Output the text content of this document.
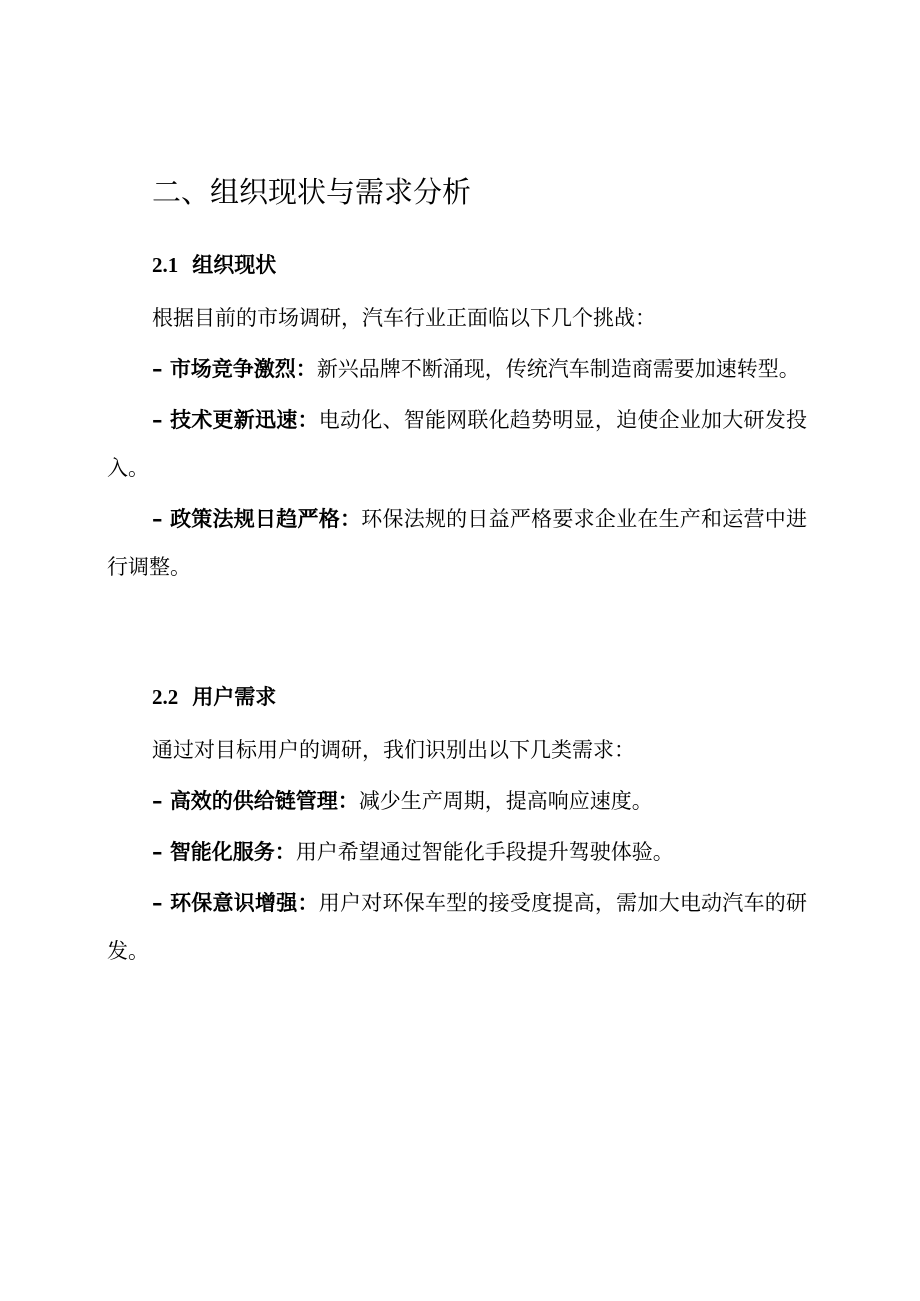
二、组织现状与需求分析
2.1 组织现状

根据目前的市场调研，汽车行业正面临以下几个挑战：

– 市场竞争激烈：新兴品牌不断涌现，传统汽车制造商需要加速转型。

– 技术更新迅速：电动化、智能网联化趋势明显，迫使企业加大研发投入。

– 政策法规日趋严格：环保法规的日益严格要求企业在生产和运营中进行调整。

2.2 用户需求

通过对目标用户的调研，我们识别出以下几类需求：

– 高效的供给链管理：减少生产周期，提高响应速度。

– 智能化服务：用户希望通过智能化手段提升驾驶体验。

– 环保意识增强：用户对环保车型的接受度提高，需加大电动汽车的研发。
